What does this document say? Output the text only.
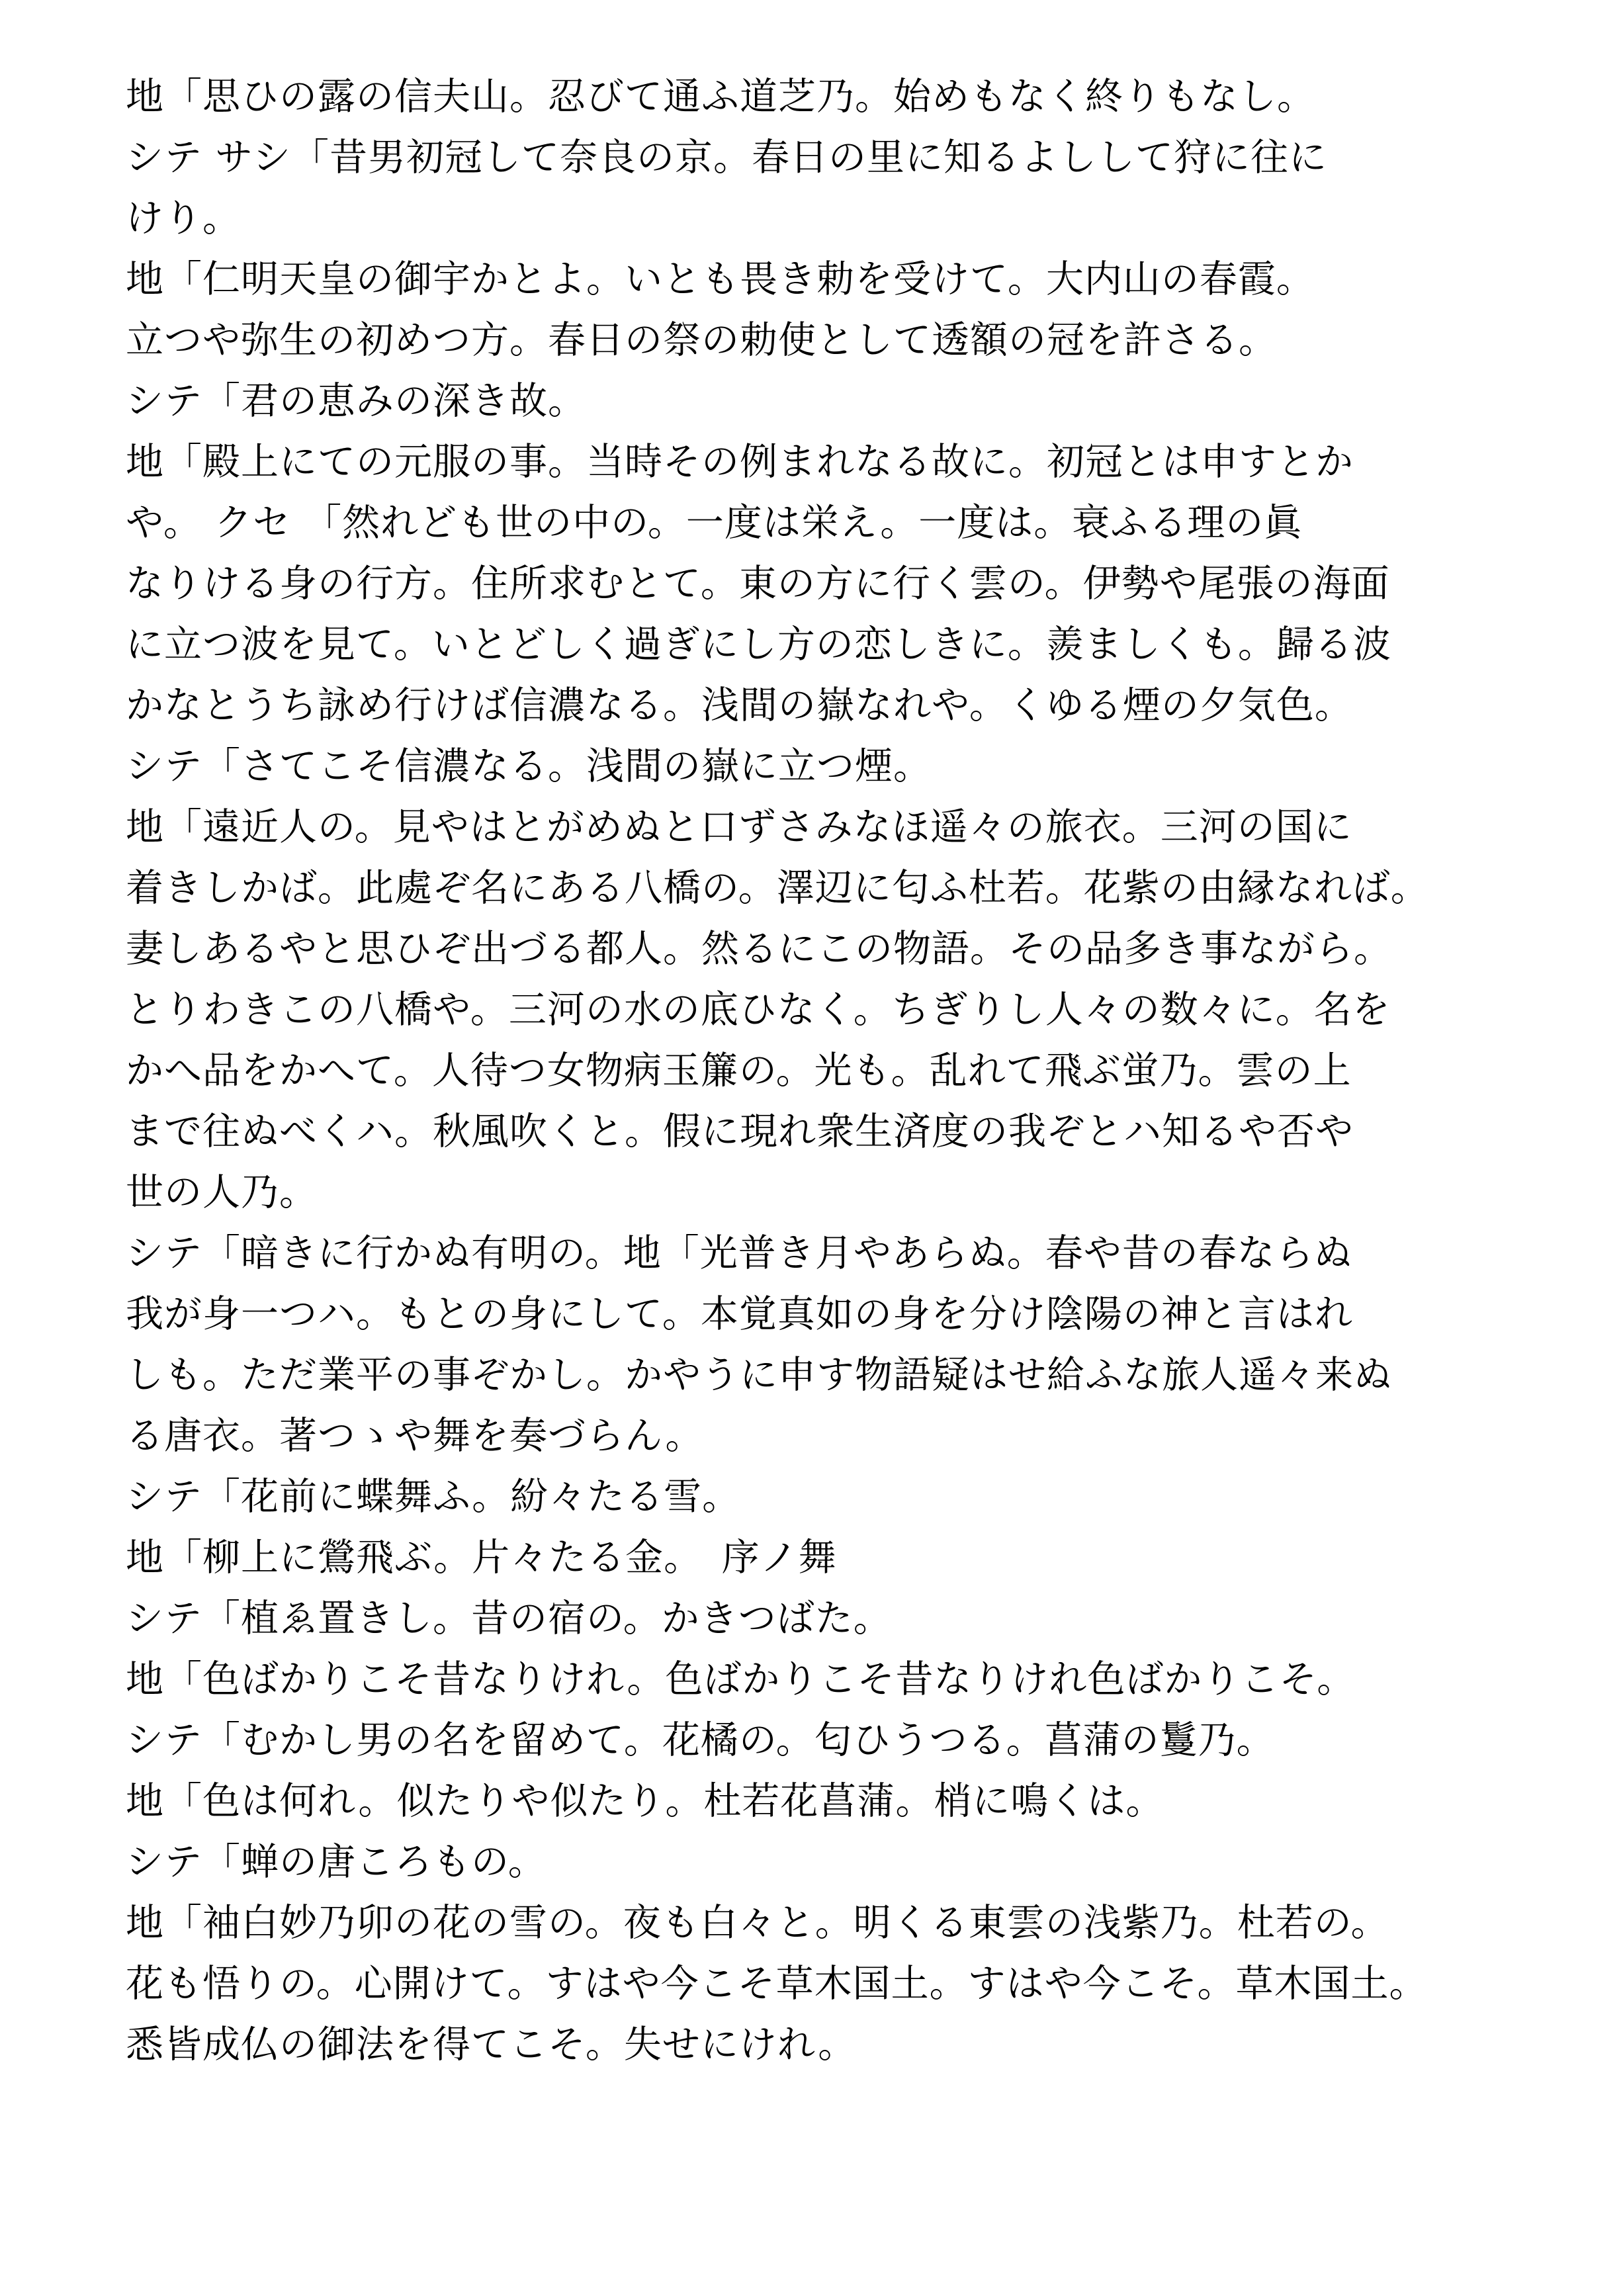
地「思ひの露の信夫山。忍びて通ふ道芝乃。始めもなく終りもなし。
シテ サシ「昔男初冠して奈良の京。春日の里に知るよしして狩に往に
けり。
地「仁明天皇の御宇かとよ。いとも畏き勅を受けて。大内山の春霞。
立つや弥生の初めつ方。春日の祭の勅使として透額の冠を許さる。
シテ「君の恵みの深き故。
地「殿上にての元服の事。当時その例まれなる故に。初冠とは申すとか
や。 クセ 「然れども世の中の。一度は栄え。一度は。衰ふる理の眞
なりける身の行方。住所求むとて。東の方に行く雲の。伊勢や尾張の海面
に立つ波を見て。いとどしく過ぎにし方の恋しきに。羨ましくも。歸る波
かなとうち詠め行けば信濃なる。浅間の嶽なれや。くゆる煙の夕気色。
シテ「さてこそ信濃なる。浅間の嶽に立つ煙。
地「遠近人の。見やはとがめぬと口ずさみなほ遥々の旅衣。三河の国に
着きしかば。此處ぞ名にある八橋の。澤辺に匂ふ杜若。花紫の由縁なれば。
妻しあるやと思ひぞ出づる都人。然るにこの物語。その品多き事ながら。
とりわきこの八橋や。三河の水の底ひなく。ちぎりし人々の数々に。名を
かへ品をかへて。人待つ女物病玉簾の。光も。乱れて飛ぶ蛍乃。雲の上
まで往ぬべくハ。秋風吹くと。假に現れ衆生済度の我ぞとハ知るや否や
世の人乃。
シテ「暗きに行かぬ有明の。地「光普き月やあらぬ。春や昔の春ならぬ
我が身一つハ。もとの身にして。本覚真如の身を分け陰陽の神と言はれ
しも。ただ業平の事ぞかし。かやうに申す物語疑はせ給ふな旅人遥々来ぬ
る唐衣。著つゝや舞を奏づらん。
シテ「花前に蝶舞ふ。紛々たる雪。
地「柳上に鶯飛ぶ。片々たる金。　序ノ舞
シテ「植ゑ置きし。昔の宿の。かきつばた。
地「色ばかりこそ昔なりけれ。色ばかりこそ昔なりけれ色ばかりこそ。
シテ「むかし男の名を留めて。花橘の。匂ひうつる。菖蒲の鬘乃。
地「色は何れ。似たりや似たり。杜若花菖蒲。梢に鳴くは。
シテ「蝉の唐ころもの。
地「袖白妙乃卯の花の雪の。夜も白々と。明くる東雲の浅紫乃。杜若の。
花も悟りの。心開けて。すはや今こそ草木国土。すはや今こそ。草木国土。
悉皆成仏の御法を得てこそ。失せにけれ。
